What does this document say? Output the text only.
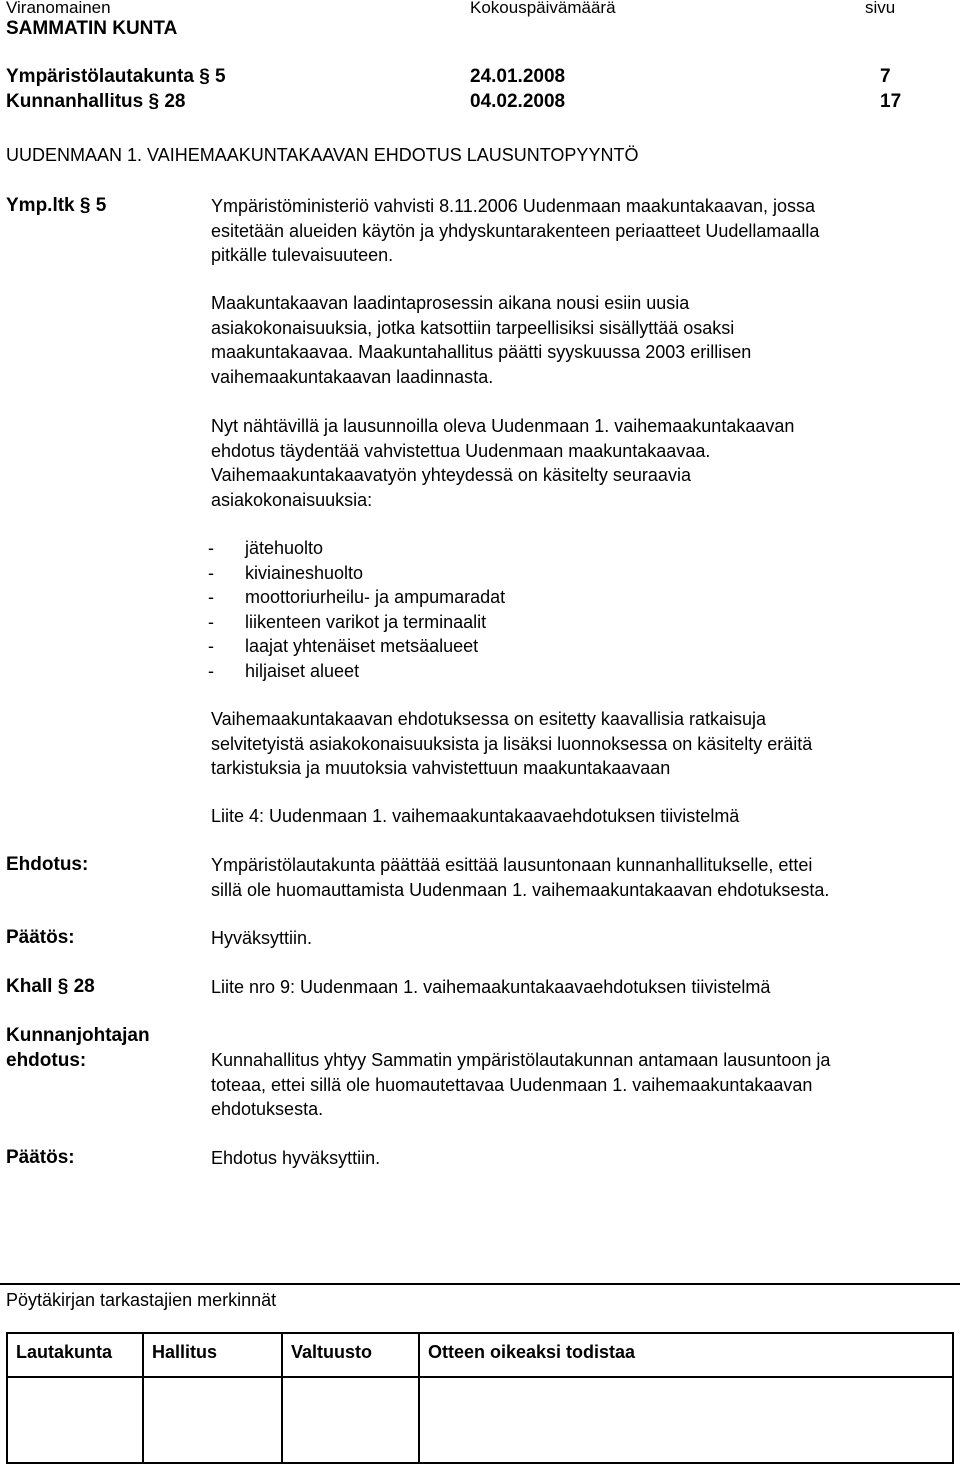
Viranomainen	Kokouspäivämäärä	sivu
SAMMATIN KUNTA
Ympäristölautakunta § 5	24.01.2008	7
Kunnanhallitus § 28	04.02.2008	17
UUDENMAAN 1. VAIHEMAAKUNTAKAAVAN EHDOTUS LAUSUNTOPYYNTÖ
Ymp.ltk § 5	Ympäristöministeriö vahvisti 8.11.2006 Uudenmaan maakuntakaavan, jossa
esitetään alueiden käytön ja yhdyskuntarakenteen periaatteet Uudellamaalla
pitkälle tulevaisuuteen.
Maakuntakaavan laadintaprosessin aikana nousi esiin uusia
asiakokonaisuuksia, jotka katsottiin tarpeellisiksi sisällyttää osaksi
maakuntakaavaa. Maakuntahallitus päätti syyskuussa 2003 erillisen
vaihemaakuntakaavan laadinnasta.
Nyt nähtävillä ja lausunnoilla oleva Uudenmaan 1. vaihemaakuntakaavan
ehdotus täydentää vahvistettua Uudenmaan maakuntakaavaa.
Vaihemaakuntakaavatyön yhteydessä on käsitelty seuraavia
asiakokonaisuuksia:
-	jätehuolto
-	kiviaineshuolto
-	moottoriurheilu- ja ampumaradat
-	liikenteen varikot ja terminaalit
-	laajat yhtenäiset metsäalueet
-	hiljaiset alueet
Vaihemaakuntakaavan ehdotuksessa on esitetty kaavallisia ratkaisuja
selvitetyistä asiakokonaisuuksista ja lisäksi luonnoksessa on käsitelty eräitä
tarkistuksia ja muutoksia vahvistettuun maakuntakaavaan
Liite 4: Uudenmaan 1. vaihemaakuntakaavaehdotuksen tiivistelmä
Ehdotus:	Ympäristölautakunta päättää esittää lausuntonaan kunnanhallitukselle, ettei
sillä ole huomauttamista Uudenmaan 1. vaihemaakuntakaavan ehdotuksesta.
Päätös:	Hyväksyttiin.
Khall § 28	Liite nro 9: Uudenmaan 1. vaihemaakuntakaavaehdotuksen tiivistelmä
Kunnanjohtajan
ehdotus:	Kunnahallitus yhtyy Sammatin ympäristölautakunnan antamaan lausuntoon ja
toteaa, ettei sillä ole huomautettavaa Uudenmaan 1. vaihemaakuntakaavan
ehdotuksesta.
Päätös:	Ehdotus hyväksyttiin.
Pöytäkirjan tarkastajien merkinnät
Lautakunta	Hallitus	Valtuusto	Otteen oikeaksi todistaa
